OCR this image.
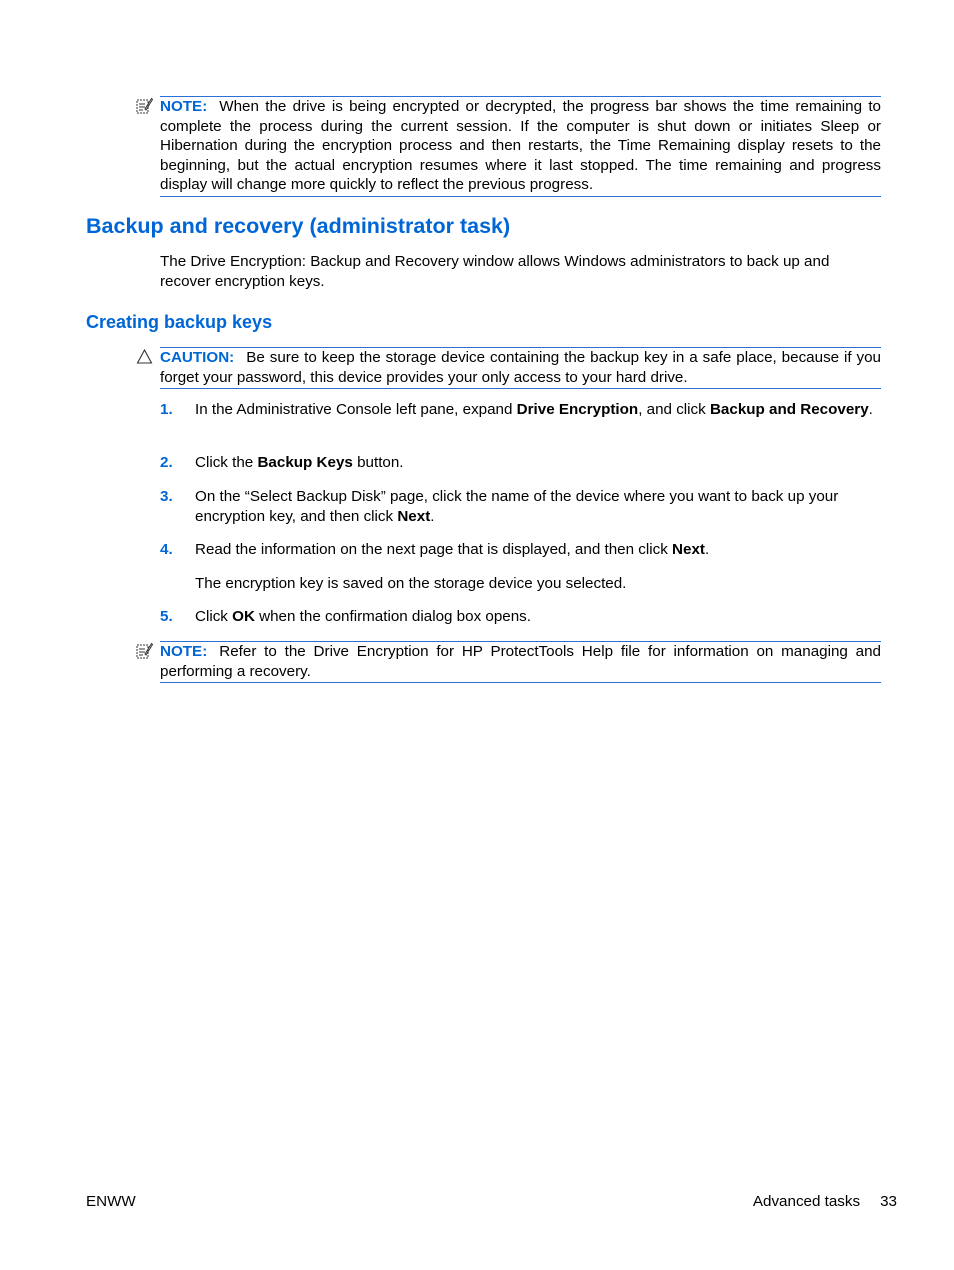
NOTE: When the drive is being encrypted or decrypted, the progress bar shows the time remaining to complete the process during the current session. If the computer is shut down or initiates Sleep or Hibernation during the encryption process and then restarts, the Time Remaining display resets to the beginning, but the actual encryption resumes where it last stopped. The time remaining and progress display will change more quickly to reflect the previous progress.
Backup and recovery (administrator task)

The Drive Encryption: Backup and Recovery window allows Windows administrators to back up and recover encryption keys.

Creating backup keys
CAUTION: Be sure to keep the storage device containing the backup key in a safe place, because if you forget your password, this device provides your only access to your hard drive.
1. In the Administrative Console left pane, expand Drive Encryption, and click Backup and Recovery.
2. Click the Backup Keys button.
3. On the “Select Backup Disk” page, click the name of the device where you want to back up your encryption key, and then click Next.
4. Read the information on the next page that is displayed, and then click Next.
The encryption key is saved on the storage device you selected.
5. Click OK when the confirmation dialog box opens.
NOTE: Refer to the Drive Encryption for HP ProtectTools Help file for information on managing and performing a recovery.
ENWW	Advanced tasks 33
